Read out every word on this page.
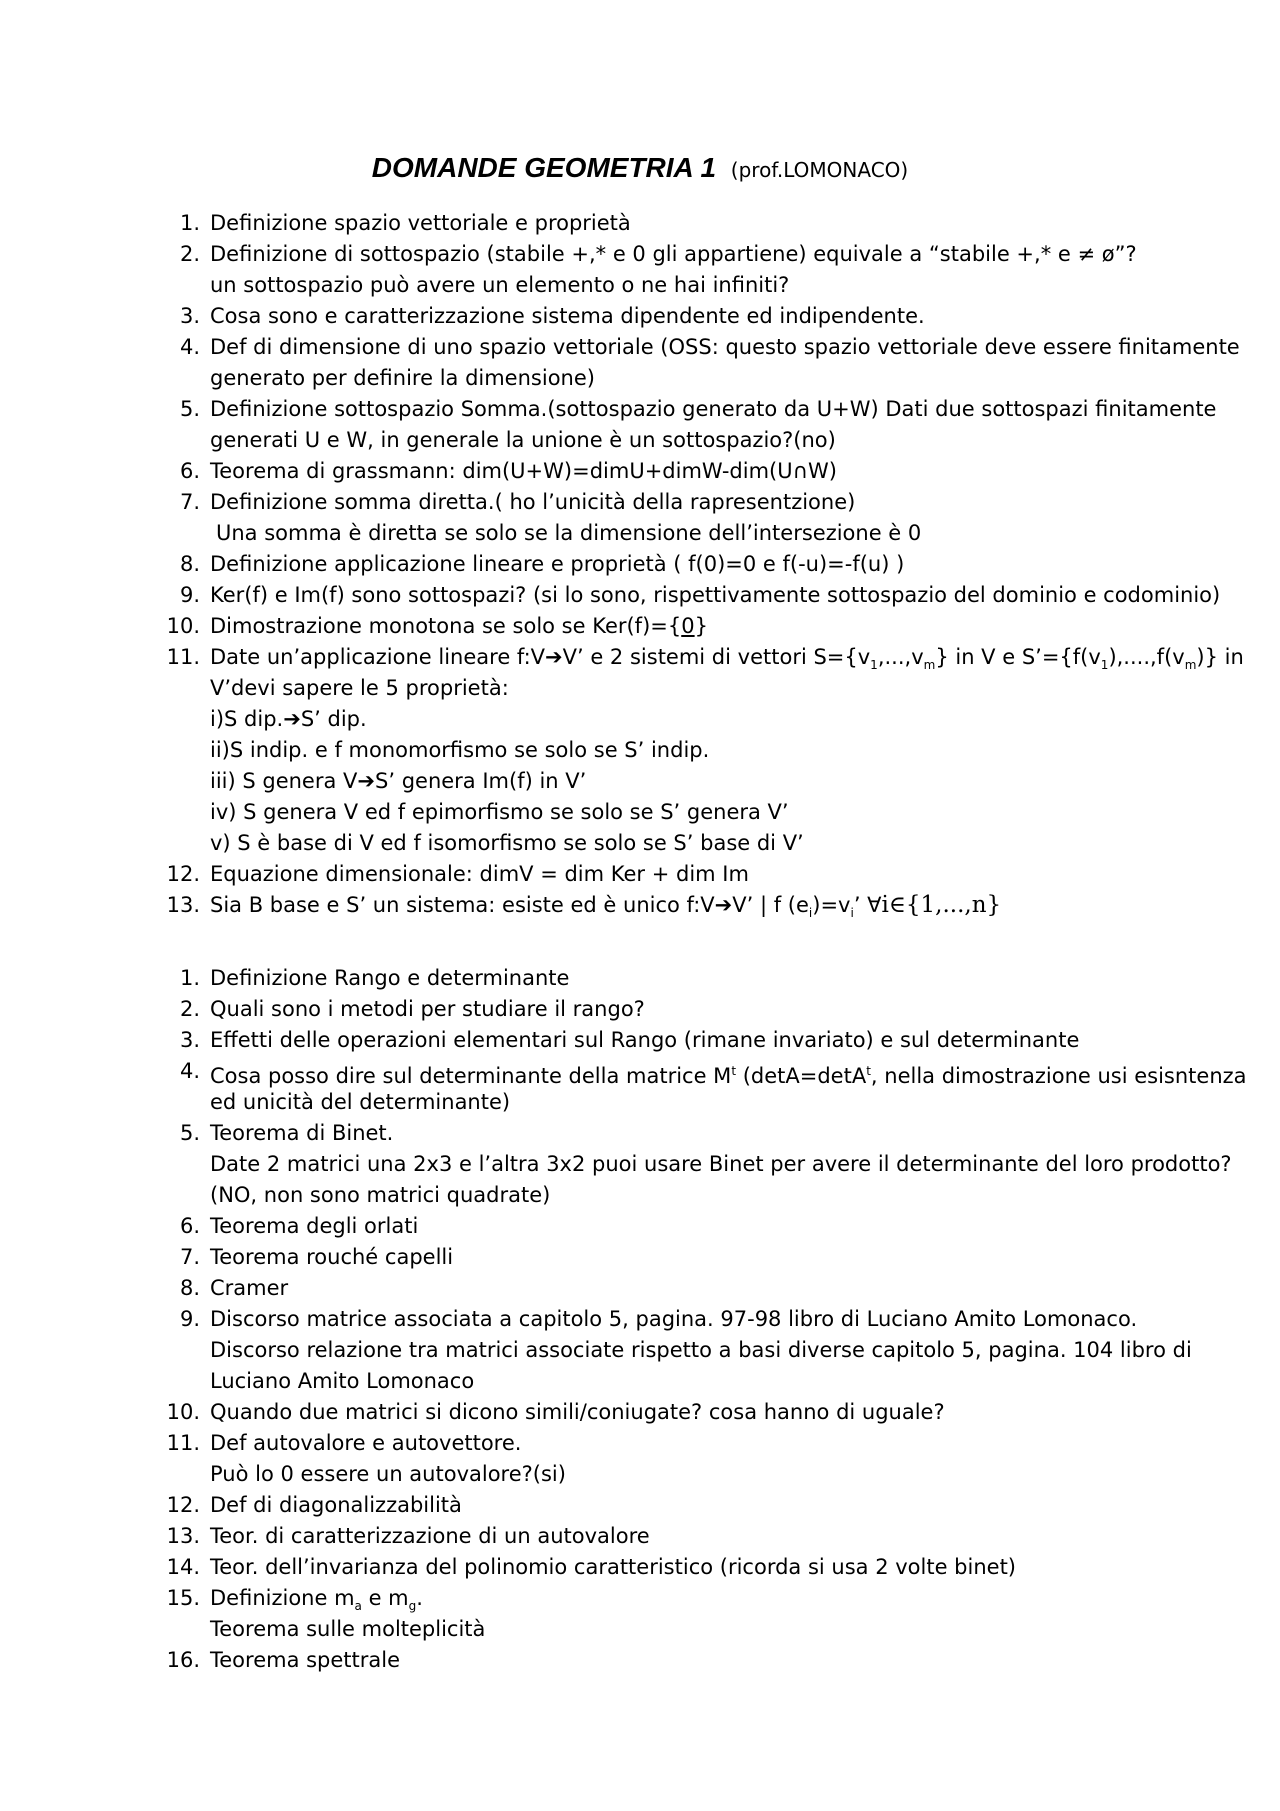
DOMANDE GEOMETRIA 1 (prof.LOMONACO)
1. Definizione spazio vettoriale e proprietà
2. Definizione di sottospazio (stabile +,* e 0 gli appartiene) equivale a “stabile +,* e ≠ ø”?
un sottospazio può avere un elemento o ne hai infiniti?
3. Cosa sono e caratterizzazione sistema dipendente ed indipendente.
4. Def di dimensione di uno spazio vettoriale (OSS: questo spazio vettoriale deve essere finitamente
generato per definire la dimensione)
5. Definizione sottospazio Somma.(sottospazio generato da U+W) Dati due sottospazi finitamente
generati U e W, in generale la unione è un sottospazio?(no)
6. Teorema di grassmann: dim(U+W)=dimU+dimW-dim(U∩W)
7. Definizione somma diretta.( ho l’unicità della rapresentzione)
Una somma è diretta se solo se la dimensione dell’intersezione è 0
8. Definizione applicazione lineare e proprietà ( f(0)=0 e f(-u)=-f(u) )
9. Ker(f) e Im(f) sono sottospazi? (si lo sono, rispettivamente sottospazio del dominio e codominio)
10. Dimostrazione monotona se solo se Ker(f)={0}
11. Date un’applicazione lineare f:V➔V’ e 2 sistemi di vettori $S=\{v_1,...,v_m\}$ in V e $S’=\{f(v_1),....,f(v_m)\}$ in
V’devi sapere le 5 proprietà:
i)S dip.➔S’ dip.
ii)S indip. e f monomorfismo se solo se S’ indip.
iii) S genera V➔S’ genera Im(f) in V’
iv) S genera V ed f epimorfismo se solo se S’ genera V’
v) S è base di V ed f isomorfismo se solo se S’ base di V’
12. Equazione dimensionale: dimV = dim Ker + dim Im
13. Sia B base e S’ un sistema: esiste ed è unico f:V➔V’ | f $(e_i)=v_i$’ ∀i∈{1,...,n}
1. Definizione Rango e determinante
2. Quali sono i metodi per studiare il rango?
3. Effetti delle operazioni elementari sul Rango (rimane invariato) e sul determinante
4. Cosa posso dire sul determinante della matrice $M^t$ (detA=detA$^t$, nella dimostrazione usi esisntenza
ed unicità del determinante)
5. Teorema di Binet.
Date 2 matrici una 2x3 e l’altra 3x2 puoi usare Binet per avere il determinante del loro prodotto?
(NO, non sono matrici quadrate)
6. Teorema degli orlati
7. Teorema rouché capelli
8. Cramer
9. Discorso matrice associata a capitolo 5, pagina. 97-98 libro di Luciano Amito Lomonaco.
Discorso relazione tra matrici associate rispetto a basi diverse capitolo 5, pagina. 104 libro di
Luciano Amito Lomonaco
10. Quando due matrici si dicono simili/coniugate? cosa hanno di uguale?
11. Def autovalore e autovettore.
Può lo 0 essere un autovalore?(si)
12. Def di diagonalizzabilità
13. Teor. di caratterizzazione di un autovalore
14. Teor. dell’invarianza del polinomio caratteristico (ricorda si usa 2 volte binet)
15. Definizione $m_a$ e $m_g$.
Teorema sulle molteplicità
16. Teorema spettrale
